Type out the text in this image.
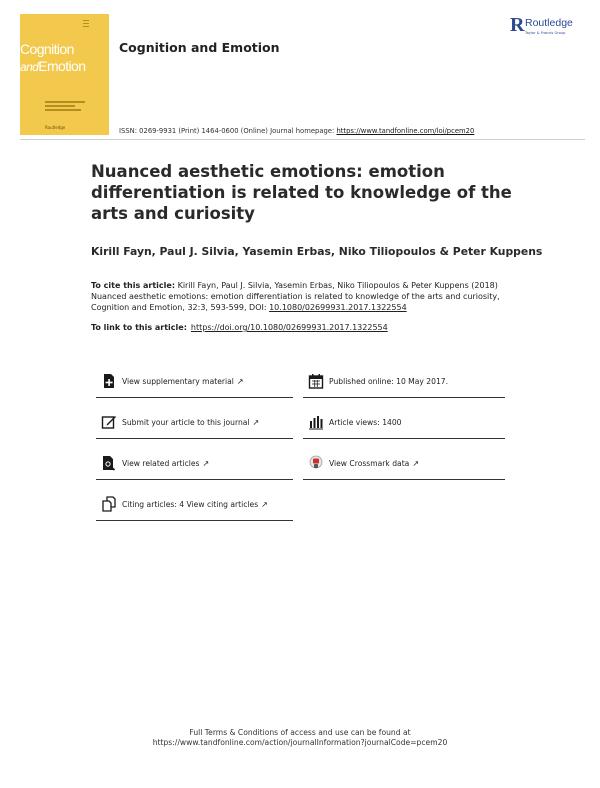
Cognition
andEmotion
Routledge
Cognition and Emotion
R Routledge
Taylor & Francis Group
ISSN: 0269-9931 (Print) 1464-0600 (Online) Journal homepage: https://www.tandfonline.com/loi/pcem20
Nuanced aesthetic emotions: emotion differentiation is related to knowledge of the arts and curiosity
Kirill Fayn, Paul J. Silvia, Yasemin Erbas, Niko Tiliopoulos & Peter Kuppens
To cite this article: Kirill Fayn, Paul J. Silvia, Yasemin Erbas, Niko Tiliopoulos & Peter Kuppens (2018) Nuanced aesthetic emotions: emotion differentiation is related to knowledge of the arts and curiosity, Cognition and Emotion, 32:3, 593-599, DOI: 10.1080/02699931.2017.1322554
To link to this article: https://doi.org/10.1080/02699931.2017.1322554
View supplementary material ↗	Published online: 10 May 2017.
Submit your article to this journal ↗	Article views: 1400
View related articles ↗	View Crossmark data ↗
Citing articles: 4 View citing articles ↗
Full Terms & Conditions of access and use can be found at
https://www.tandfonline.com/action/journalInformation?journalCode=pcem20
